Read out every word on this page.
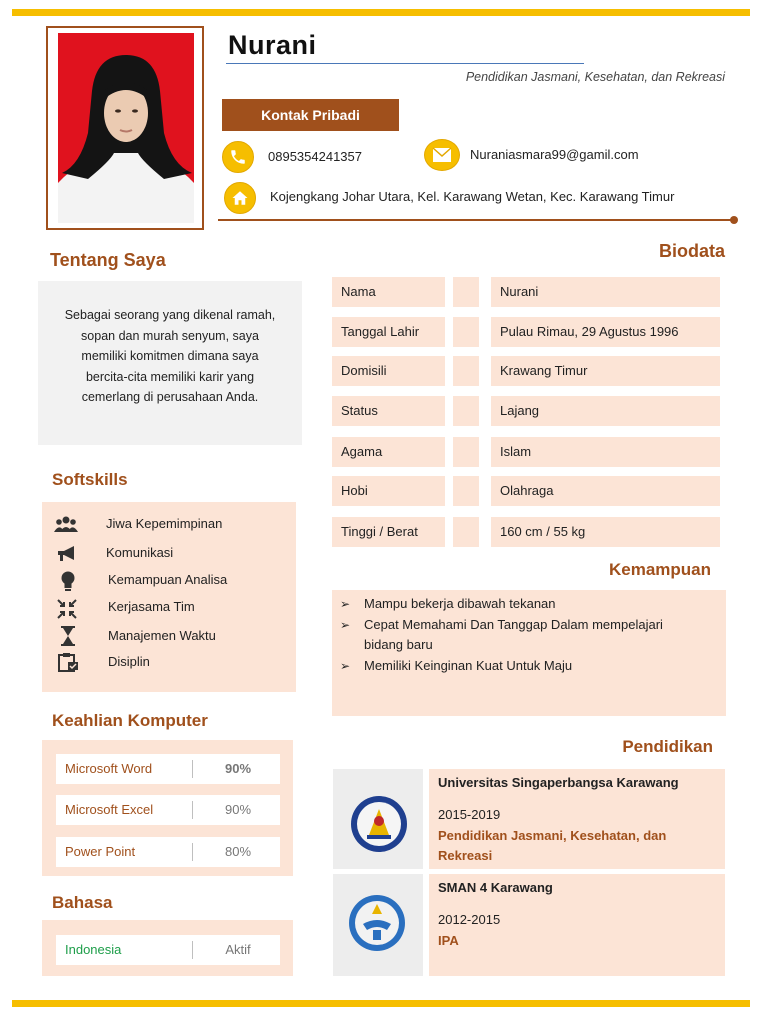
Nurani
Pendidikan Jasmani, Kesehatan, dan Rekreasi
Kontak Pribadi
0895354241357	Nuraniasmara99@gamil.com
Kojengkang Johar Utara, Kel. Karawang Wetan, Kec. Karawang Timur
Tentang Saya
Sebagai seorang yang dikenal ramah,
sopan dan murah senyum, saya
memiliki komitmen dimana saya
bercita-cita memiliki karir yang
cemerlang di perusahaan Anda.
Biodata
Nama	Nurani
Tanggal Lahir	Pulau Rimau, 29 Agustus 1996
Domisili	Krawang Timur
Status	Lajang
Agama	Islam
Hobi	Olahraga
Tinggi / Berat	160 cm / 55 kg
Softskills
Jiwa Kepemimpinan
Komunikasi
Kemampuan Analisa
Kerjasama Tim
Manajemen Waktu
Disiplin
Kemampuan
➢ Mampu bekerja dibawah tekanan
➢ Cepat Memahami Dan Tanggap Dalam mempelajari
bidang baru
➢ Memiliki Keinginan Kuat Untuk Maju
Keahlian Komputer
Microsoft Word	90%
Microsoft Excel	90%
Power Point	80%
Bahasa
Indonesia	Aktif
Pendidikan
Universitas Singaperbangsa Karawang
2015-2019
Pendidikan Jasmani, Kesehatan, dan
Rekreasi
SMAN 4 Karawang
2012-2015
IPA
